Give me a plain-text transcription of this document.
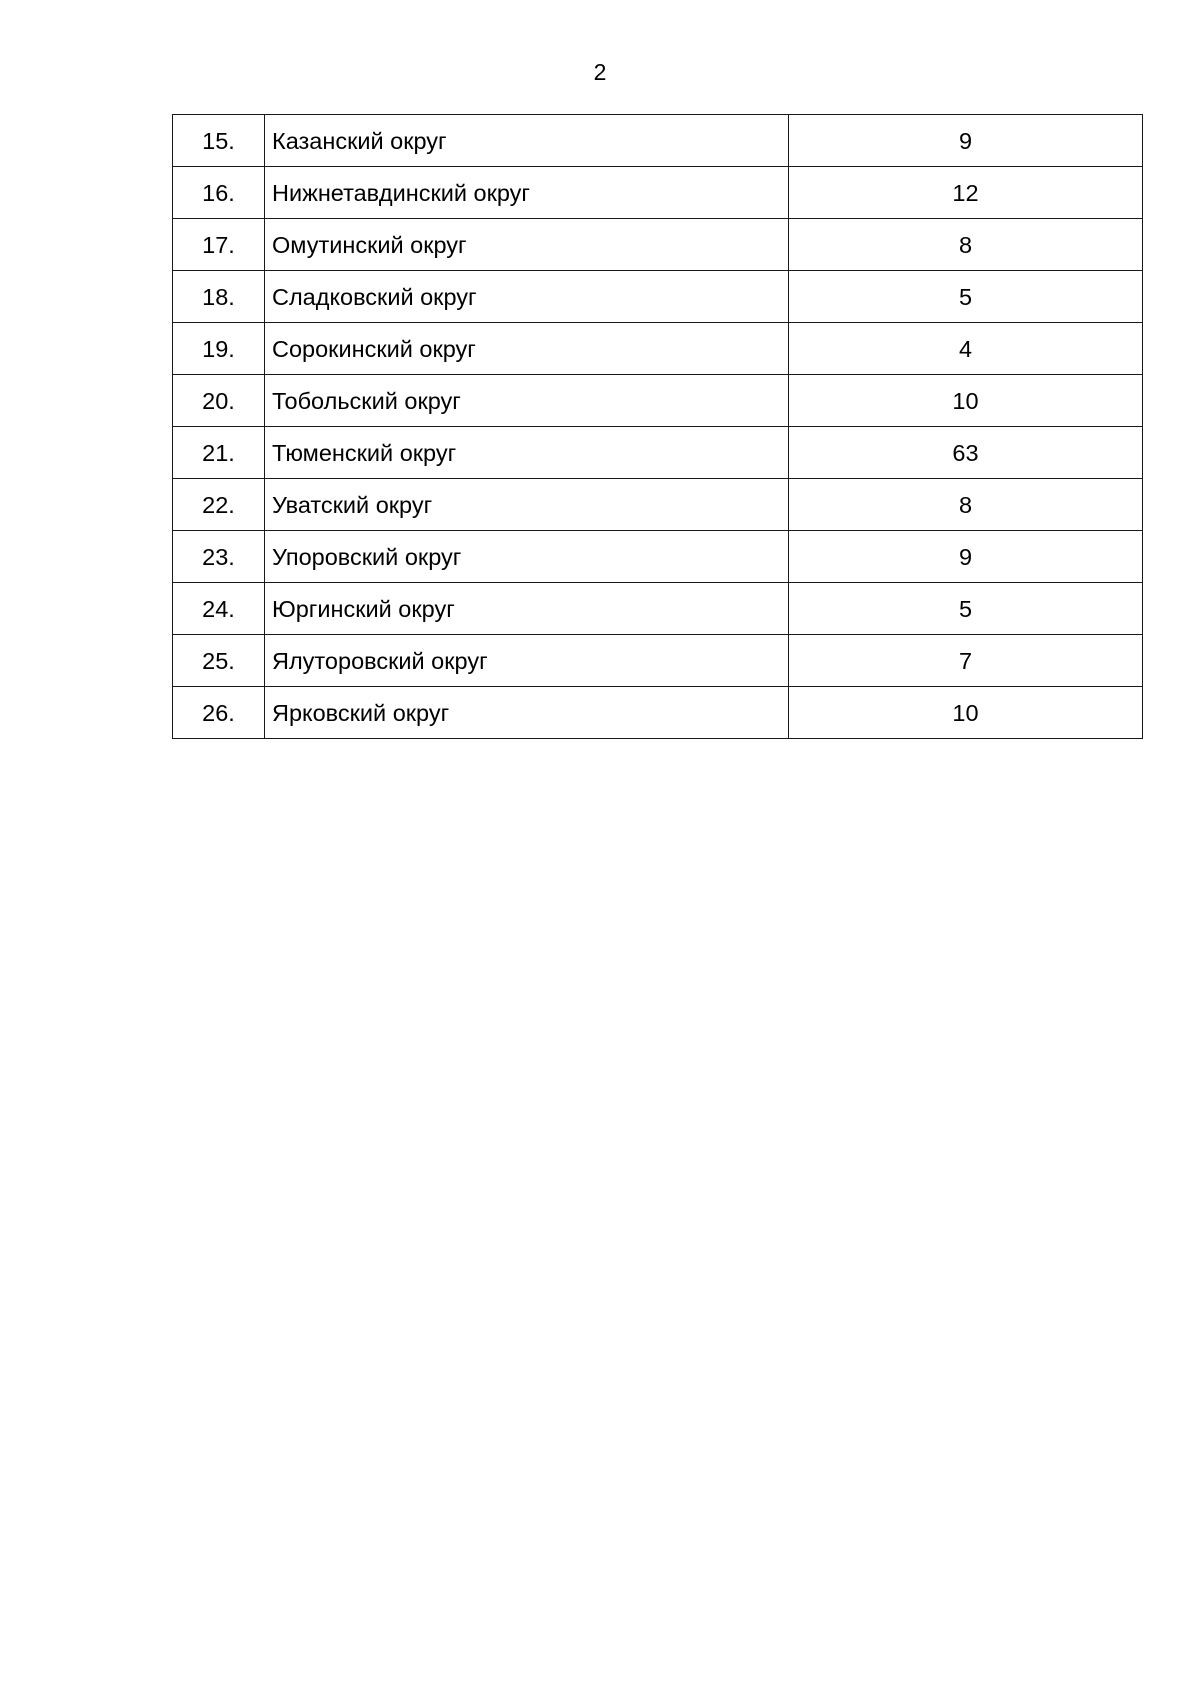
2
15.	Казанский округ	9
16.	Нижнетавдинский округ	12
17.	Омутинский округ	8
18.	Сладковский округ	5
19.	Сорокинский округ	4
20.	Тобольский округ	10
21.	Тюменский округ	63
22.	Уватский округ	8
23.	Упоровский округ	9
24.	Юргинский округ	5
25.	Ялуторовский округ	7
26.	Ярковский округ	10
